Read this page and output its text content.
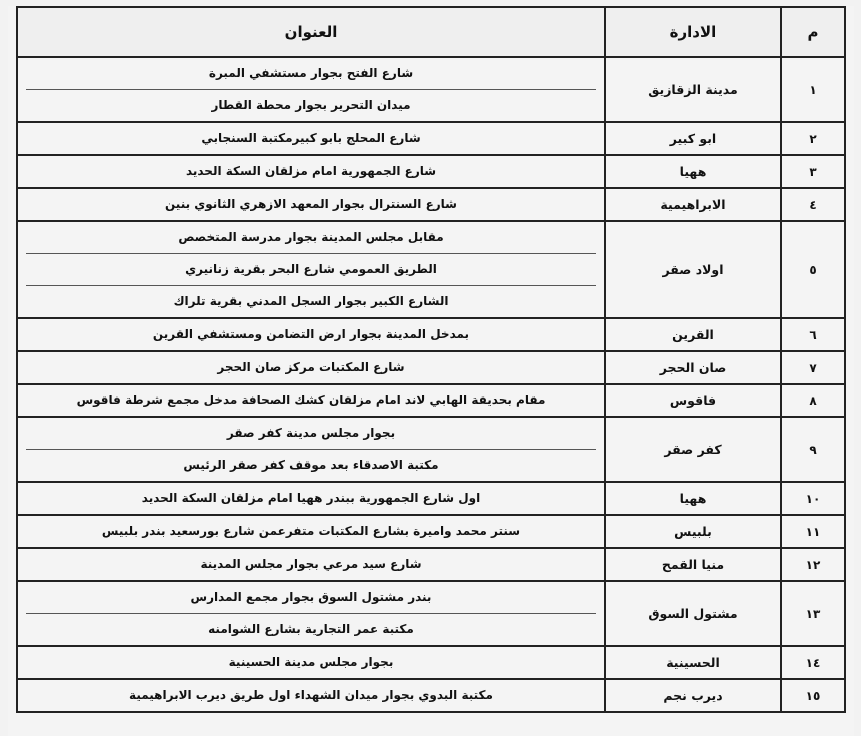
م	الادارة	العنوان
١	مدينة الزقازيق	شارع الفتح بجوار مستشفي المبرة
ميدان التحرير بجوار محطة القطار

٢	ابو كبير	شارع المحلج بابو كبيرمكتبة السنجابي

٣	ههيا	شارع الجمهورية امام مزلقان السكة الحديد

٤	الابراهيمية	شارع السنترال بجوار المعهد الازهري الثانوي بنين

٥	اولاد صقر	مقابل مجلس المدينة بجوار مدرسة المتخصص
الطريق العمومي شارع البحر بقرية زنانيري
الشارع الكبير بجوار السجل المدني بقرية تلراك

٦	القرين	بمدخل المدينة بجوار ارض التضامن ومستشفي القرين

٧	صان الحجر	شارع المكتبات مركز صان الحجر

٨	فاقوس	مقام بحديقة الهابي لاند امام مزلقان كشك الصحافة مدخل مجمع شرطة فاقوس

٩	كفر صقر	بجوار مجلس مدينة كفر صقر
مكتبة الاصدقاء بعد موقف كفر صقر الرئيس

١٠	ههيا	اول شارع الجمهورية ببندر ههيا امام مزلقان السكة الحديد

١١	بلبيس	سنتر محمد واميرة بشارع المكتبات متفرعمن شارع بورسعيد بندر بلبيس

١٢	منيا القمح	شارع سيد مرعي بجوار مجلس المدينة

١٣	مشتول السوق	بندر مشتول السوق بجوار مجمع المدارس
مكتبة عمر التجارية بشارع الشوامنه

١٤	الحسينية	بجوار مجلس مدينة الحسينية

١٥	ديرب نجم	مكتبة البدوي بجوار ميدان الشهداء اول طريق ديرب الابراهيمية
